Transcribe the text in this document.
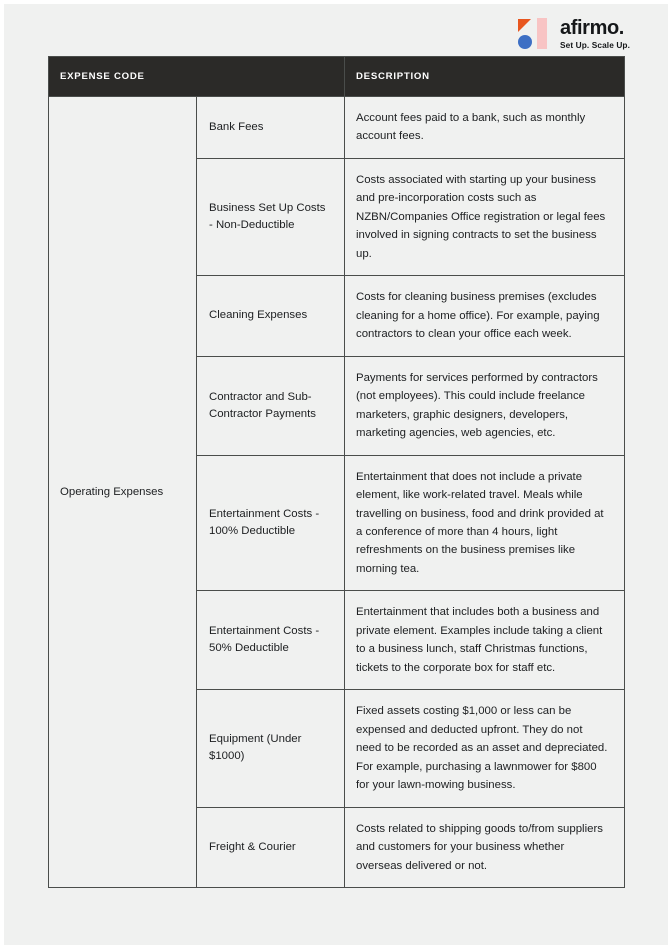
afirmo.
Set Up. Scale Up.
EXPENSE CODE		DESCRIPTION
Operating Expenses	Bank Fees	Account fees paid to a bank, such as monthly account fees.
	Business Set Up Costs - Non-Deductible	Costs associated with starting up your business and pre-incorporation costs such as NZBN/Companies Office registration or legal fees involved in signing contracts to set the business up.
	Cleaning Expenses	Costs for cleaning business premises (excludes cleaning for a home office). For example, paying contractors to clean your office each week.
	Contractor and Sub-Contractor Payments	Payments for services performed by contractors (not employees). This could include freelance marketers, graphic designers, developers, marketing agencies, web agencies, etc.
	Entertainment Costs - 100% Deductible	Entertainment that does not include a private element, like work-related travel. Meals while travelling on business, food and drink provided at a conference of more than 4 hours, light refreshments on the business premises like morning tea.
	Entertainment Costs - 50% Deductible	Entertainment that includes both a business and private element. Examples include taking a client to a business lunch, staff Christmas functions, tickets to the corporate box for staff etc.
	Equipment (Under $1000)	Fixed assets costing $1,000 or less can be expensed and deducted upfront. They do not need to be recorded as an asset and depreciated. For example, purchasing a lawnmower for $800 for your lawn-mowing business.
	Freight & Courier	Costs related to shipping goods to/from suppliers and customers for your business whether overseas delivered or not.
